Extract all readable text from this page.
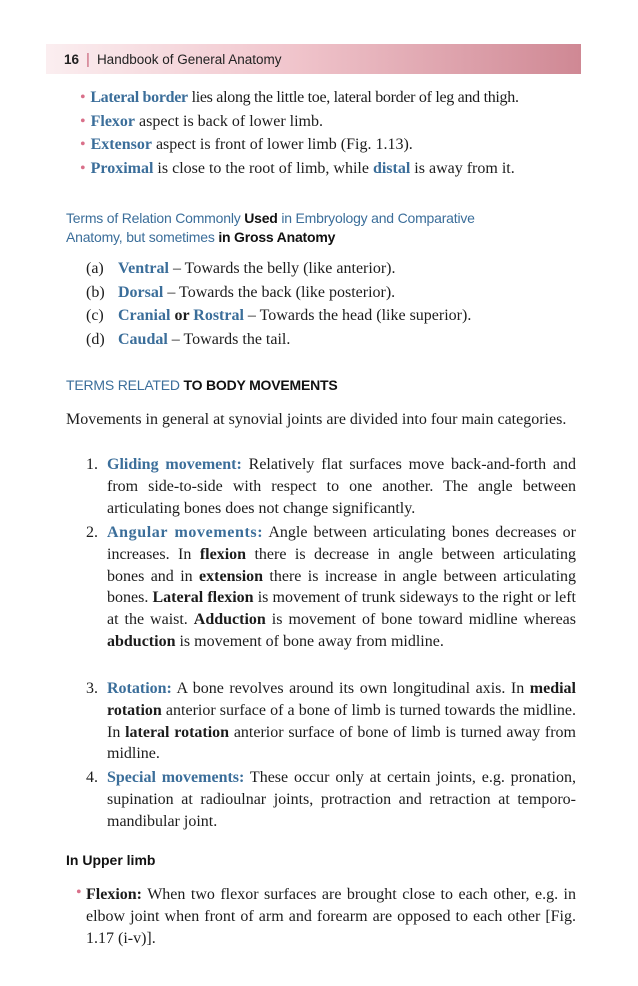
16 | Handbook of General Anatomy
• Lateral border lies along the little toe, lateral border of leg and thigh.
• Flexor aspect is back of lower limb.
• Extensor aspect is front of lower limb (Fig. 1.13).
• Proximal is close to the root of limb, while distal is away from it.
Terms of Relation Commonly Used in Embryology and Comparative
Anatomy, but sometimes in Gross Anatomy
(a) Ventral – Towards the belly (like anterior).
(b) Dorsal – Towards the back (like posterior).
(c) Cranial or Rostral – Towards the head (like superior).
(d) Caudal – Towards the tail.
TERMS RELATED TO BODY MOVEMENTS

Movements in general at synovial joints are divided into four main categories.

1. Gliding movement: Relatively flat surfaces move back-and-forth and from side-to-side with respect to one another. The angle between articulating bones does not change significantly.
2. Angular movements: Angle between articulating bones decreases or increases. In flexion there is decrease in angle between articulating bones and in extension there is increase in angle between articulating bones. Lateral flexion is movement of trunk sideways to the right or left at the waist. Adduction is movement of bone toward midline whereas abduction is movement of bone away from midline.
3. Rotation: A bone revolves around its own longitudinal axis. In medial rotation anterior surface of a bone of limb is turned towards the midline. In lateral rotation anterior surface of bone of limb is turned away from midline.
4. Special movements: These occur only at certain joints, e.g. pronation, supination at radioulnar joints, protraction and retraction at temporo-mandibular joint.
In Upper limb
• Flexion: When two flexor surfaces are brought close to each other, e.g. in elbow joint when front of arm and forearm are opposed to each other [Fig. 1.17 (i-v)].
